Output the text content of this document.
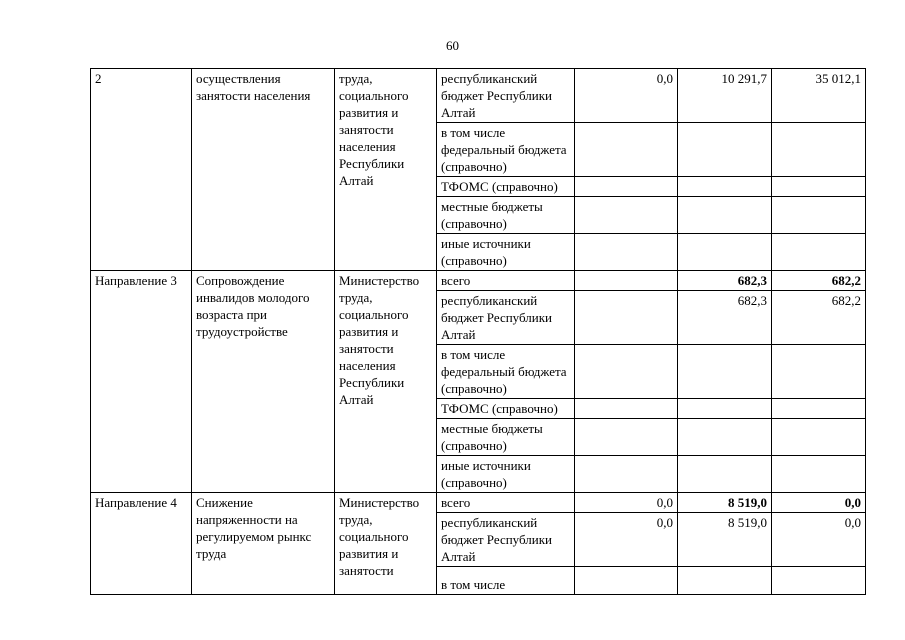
60
2	осуществления занятости населения	труда, социального развития и занятости населения Республики Алтай	республиканский бюджет Республики Алтай	0,0	10 291,7	35 012,1
			в том числе федеральный бюджета (справочно)			
			ТФОМС (справочно)			
			местные бюджеты (справочно)			
			иные источники (справочно)			
Направление 3	Сопровождение инвалидов молодого возраста при трудоустройстве	Министерство труда, социального развития и занятости населения Республики Алтай	всего		682,3	682,2
			республиканский бюджет Республики Алтай		682,3	682,2
			в том числе федеральный бюджета (справочно)			
			ТФОМС (справочно)			
			местные бюджеты (справочно)			
			иные источники (справочно)			
Направление 4	Снижение напряженности на регулируемом рынкс труда	Министерство труда, социального развития и занятости	всего	0,0	8 519,0	0,0
			республиканский бюджет Республики Алтай	0,0	8 519,0	0,0
			в том числе			
